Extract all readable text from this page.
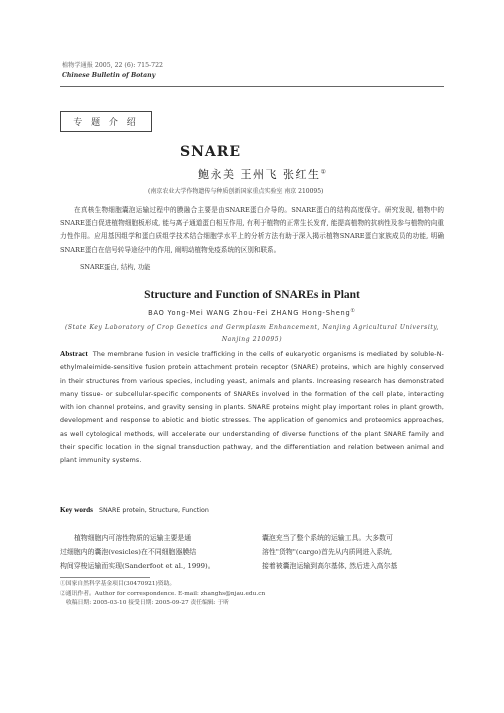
植物学通报 2005, 22 (6): 715-722
Chinese Bulletin of Botany
专 题 介 绍
SNARE
鲍永美 王州飞 张红生①
(南京农业大学作物遗传与种质创新国家重点实验室 南京 210095)
在真核生物细胞囊泡运输过程中的膜融合主要是由SNARE蛋白介导的。SNARE蛋白的结构高度保守。研究发现, 植物中的SNARE蛋白促进植物细胞板形成, 能与离子通道蛋白相互作用, 有利于植物的正常生长发育, 能提高植物的抗病性及参与植物的向重力性作用。应用基因组学和蛋白质组学技术结合细胞学水平上的分析方法有助于深入揭示植物SNARE蛋白家族成员的功能, 明确SNARE蛋白在信号转导途径中的作用, 阐明动植物免疫系统的区别和联系。
SNARE蛋白, 结构, 功能
Structure and Function of SNAREs in Plant
BAO Yong-Mei WANG Zhou-Fei ZHANG Hong-Sheng①
(State Key Laboratory of Crop Genetics and Germplasm Enhancement, Nanjing Agricultural University,
Nanjing 210095)
Abstract The membrane fusion in vesicle trafficking in the cells of eukaryotic organisms is mediated by soluble-N-ethylmaleimide-sensitive fusion protein attachment protein receptor (SNARE) proteins, which are highly conserved in their structures from various species, including yeast, animals and plants. Increasing research has demonstrated many tissue- or subcellular-specific components of SNAREs involved in the formation of the cell plate, interacting with ion channel proteins, and gravity sensing in plants. SNARE proteins might play important roles in plant growth, development and response to abiotic and biotic stresses. The application of genomics and proteomics approaches, as well cytological methods, will accelerate our understanding of diverse functions of the plant SNARE family and their specific location in the signal transduction pathway, and the differentiation and relation between animal and plant immunity systems.
Key words SNARE protein, Structure, Function
植物细胞内可溶性物质的运输主要是通
过细胞内的囊泡(vesicles)在不同细胞器膜结
构间穿梭运输而实现(Sanderfoot et al., 1999)。
囊泡充当了整个系统的运输工具。大多数可
溶性"货物"(cargo)首先从内质网进入系统,
接着被囊泡运输到高尔基体, 然后进入高尔基
①国家自然科学基金项目(30470921)资助。
②通讯作者。Author for correspondence. E-mail: zhanghs@njau.edu.cn
收稿日期: 2005-03-10 接受日期: 2005-09-27 责任编辑: 于昕
